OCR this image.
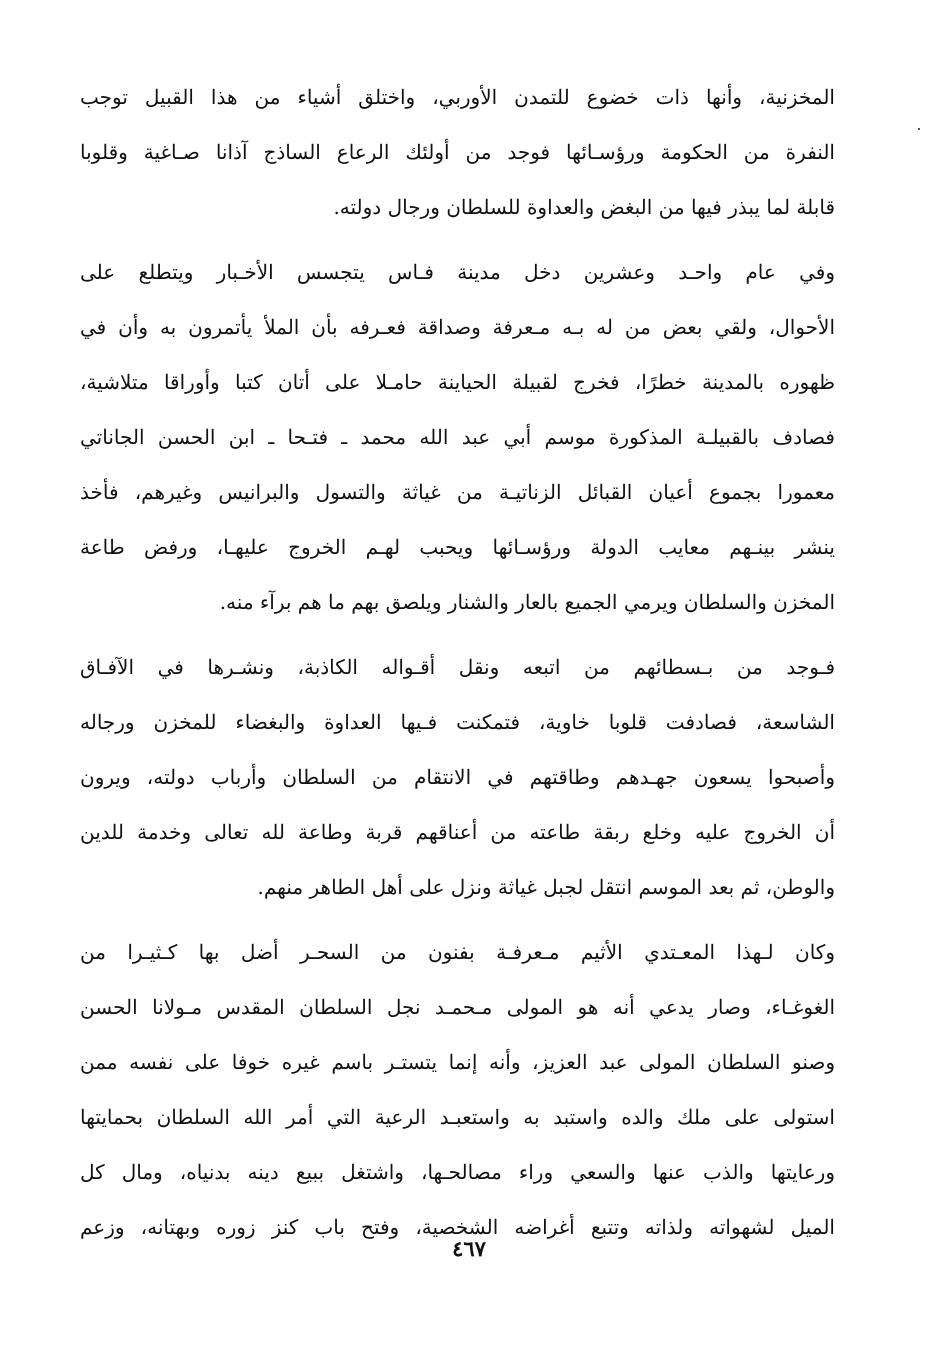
المخزنية، وأنها ذات خضوع للتمدن الأوربي، واختلق أشياء من هذا القبيل توجب
النفرة من الحكومة ورؤسـائها فوجد من أولئك الرعاع الساذج آذانا صـاغية وقلوبا
قابلة لما يبذر فيها من البغض والعداوة للسلطان ورجال دولته.
وفي عام واحـد وعشرين دخل مدينة فـاس يتجسس الأخـبار ويتطلع على
الأحوال، ولقي بعض من له بـه مـعرفة وصداقة فعـرفه بأن الملأ يأتمرون به وأن في
ظهوره بالمدينة خطرًا، فخرج لقبيلة الحياينة حامـلا على أتان كتبا وأوراقا متلاشية،
فصادف بالقبيلـة المذكورة موسم أبي عبد الله محمد ـ فتـحا ـ ابن الحسن الجاناتي
معمورا بجموع أعيان القبائل الزناتيـة من غياثة والتسول والبرانيس وغيرهم، فأخذ
ينشر بينـهم معايب الدولة ورؤسـائها ويحبب لهـم الخروج عليهـا، ورفض طاعة
المخزن والسلطان ويرمي الجميع بالعار والشنار ويلصق بهم ما هم برآء منه.
فـوجد من بـسطائهم من اتبعه ونقل أقـواله الكاذبة، ونشـرها في الآفـاق
الشاسعة، فصادفت قلوبا خاوية، فتمكنت فـيها العداوة والبغضاء للمخزن ورجاله
وأصبحوا يسعون جهـدهم وطاقتهم في الانتقام من السلطان وأرباب دولته، ويرون
أن الخروج عليه وخلع ربقة طاعته من أعناقهم قربة وطاعة لله تعالى وخدمة للدين
والوطن، ثم بعد الموسم انتقل لجبل غياثة ونزل على أهل الطاهر منهم.
وكان لـهذا المعـتدي الأثيم مـعرفـة بفنون من السحـر أضل بها كـثيـرا من
الغوغـاء، وصار يدعي أنه هو المولى مـحمـد نجل السلطان المقدس مـولانا الحسن
وصنو السلطان المولى عبد العزيز، وأنه إنما يتستـر باسم غيره خوفا على نفسه ممن
استولى على ملك والده واستبد به واستعبـد الرعية التي أمر الله السلطان بحمايتها
ورعايتها والذب عنها والسعي وراء مصالحـها، واشتغل ببيع دينه بدنياه، ومال كل
الميل لشهواته ولذاته وتتبع أغراضه الشخصية، وفتح باب كنز زوره وبهتانه، وزعم
٤٦٧
